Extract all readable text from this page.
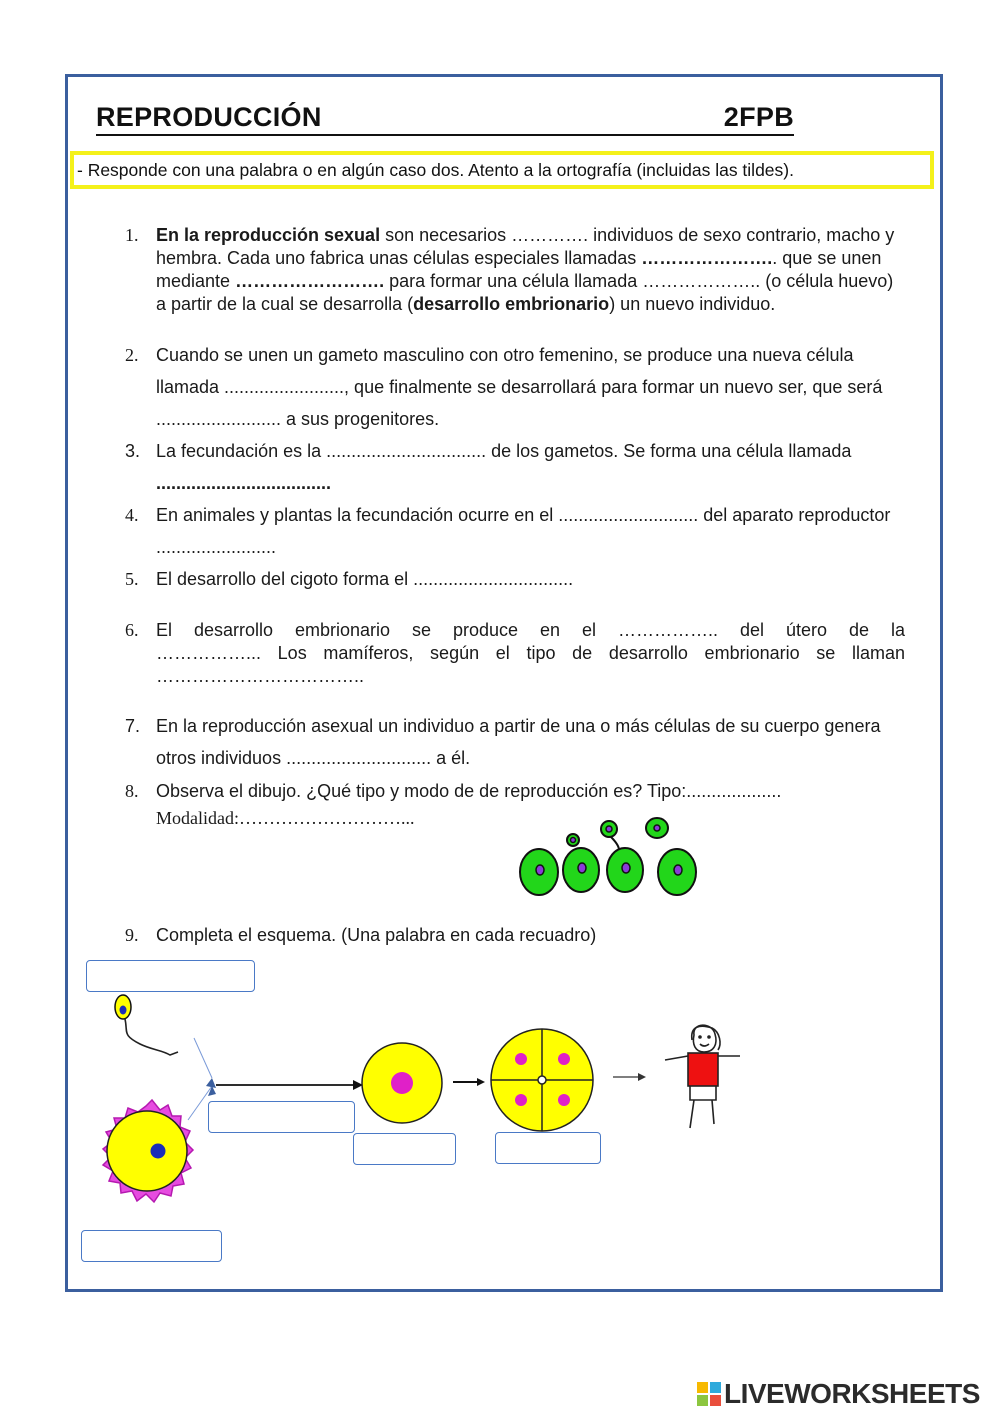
REPRODUCCIÓN	2FPB
- Responde con una palabra o en algún caso dos. Atento a la ortografía (incluidas las tildes).
1. En la reproducción sexual son necesarios …………. individuos de sexo contrario, macho y hembra. Cada uno fabrica unas células especiales llamadas ………………….. que se unen mediante ……………………. para formar una célula llamada ……………….. (o célula huevo) a partir de la cual se desarrolla (desarrollo embrionario) un nuevo individuo.
2. Cuando se unen un gameto masculino con otro femenino, se produce una nueva célula llamada ........................, que finalmente se desarrollará para formar un nuevo ser, que será ......................... a sus progenitores.
3. La fecundación es la ................................ de los gametos. Se forma una célula llamada ...................................
4. En animales y plantas la fecundación ocurre en el ............................ del aparato reproductor ........................
5. El desarrollo del cigoto forma el ................................
6. El desarrollo embrionario se produce en el …………….. del útero de la
……………... Los mamíferos, según el tipo de desarrollo embrionario se llaman
……………………………..
7. En la reproducción asexual un individuo a partir de una o más células de su cuerpo genera otros individuos ............................. a él.
8. Observa el dibujo. ¿Qué tipo y modo de de reproducción es? Tipo:...................
Modalidad:………………………...
9. Completa el esquema. (Una palabra en cada recuadro)
LIVEWORKSHEETS
